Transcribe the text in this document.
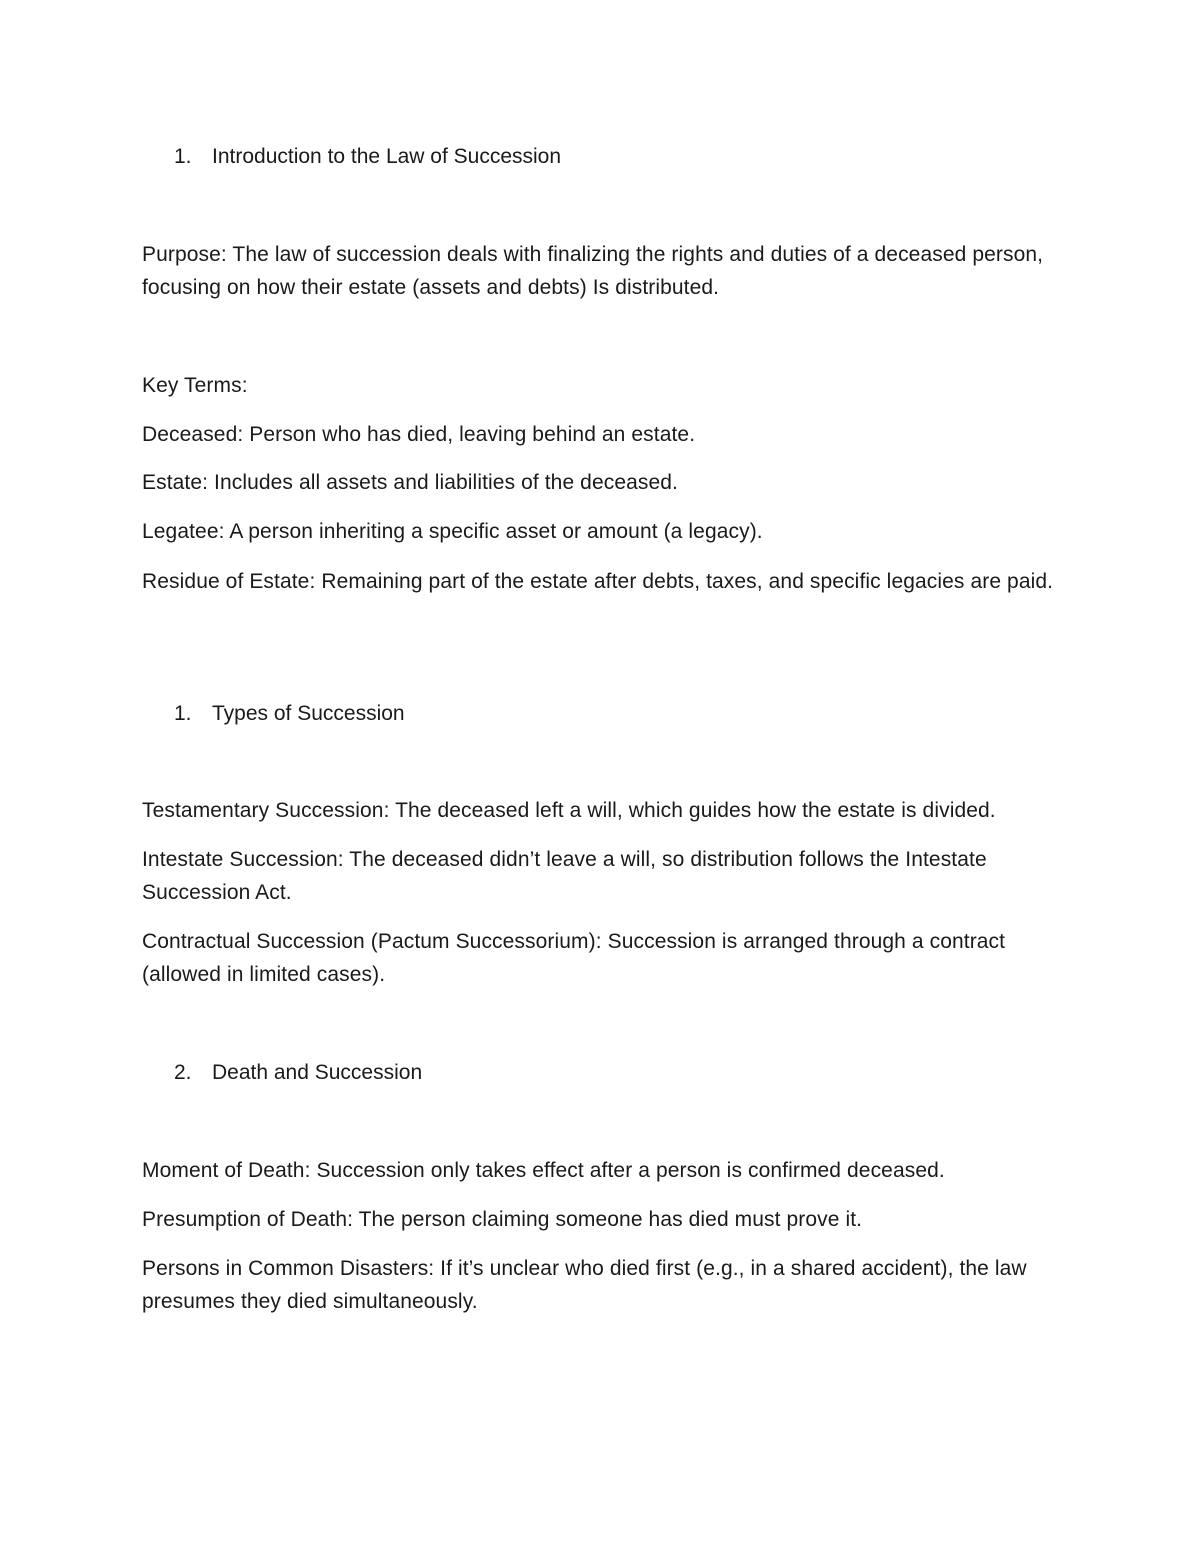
1. Introduction to the Law of Succession
Purpose: The law of succession deals with finalizing the rights and duties of a deceased person, focusing on how their estate (assets and debts) Is distributed.
Key Terms:
Deceased: Person who has died, leaving behind an estate.
Estate: Includes all assets and liabilities of the deceased.
Legatee: A person inheriting a specific asset or amount (a legacy).
Residue of Estate: Remaining part of the estate after debts, taxes, and specific legacies are paid.
1. Types of Succession
Testamentary Succession: The deceased left a will, which guides how the estate is divided.
Intestate Succession: The deceased didn’t leave a will, so distribution follows the Intestate Succession Act.
Contractual Succession (Pactum Successorium): Succession is arranged through a contract (allowed in limited cases).
2. Death and Succession
Moment of Death: Succession only takes effect after a person is confirmed deceased.
Presumption of Death: The person claiming someone has died must prove it.
Persons in Common Disasters: If it’s unclear who died first (e.g., in a shared accident), the law presumes they died simultaneously.
